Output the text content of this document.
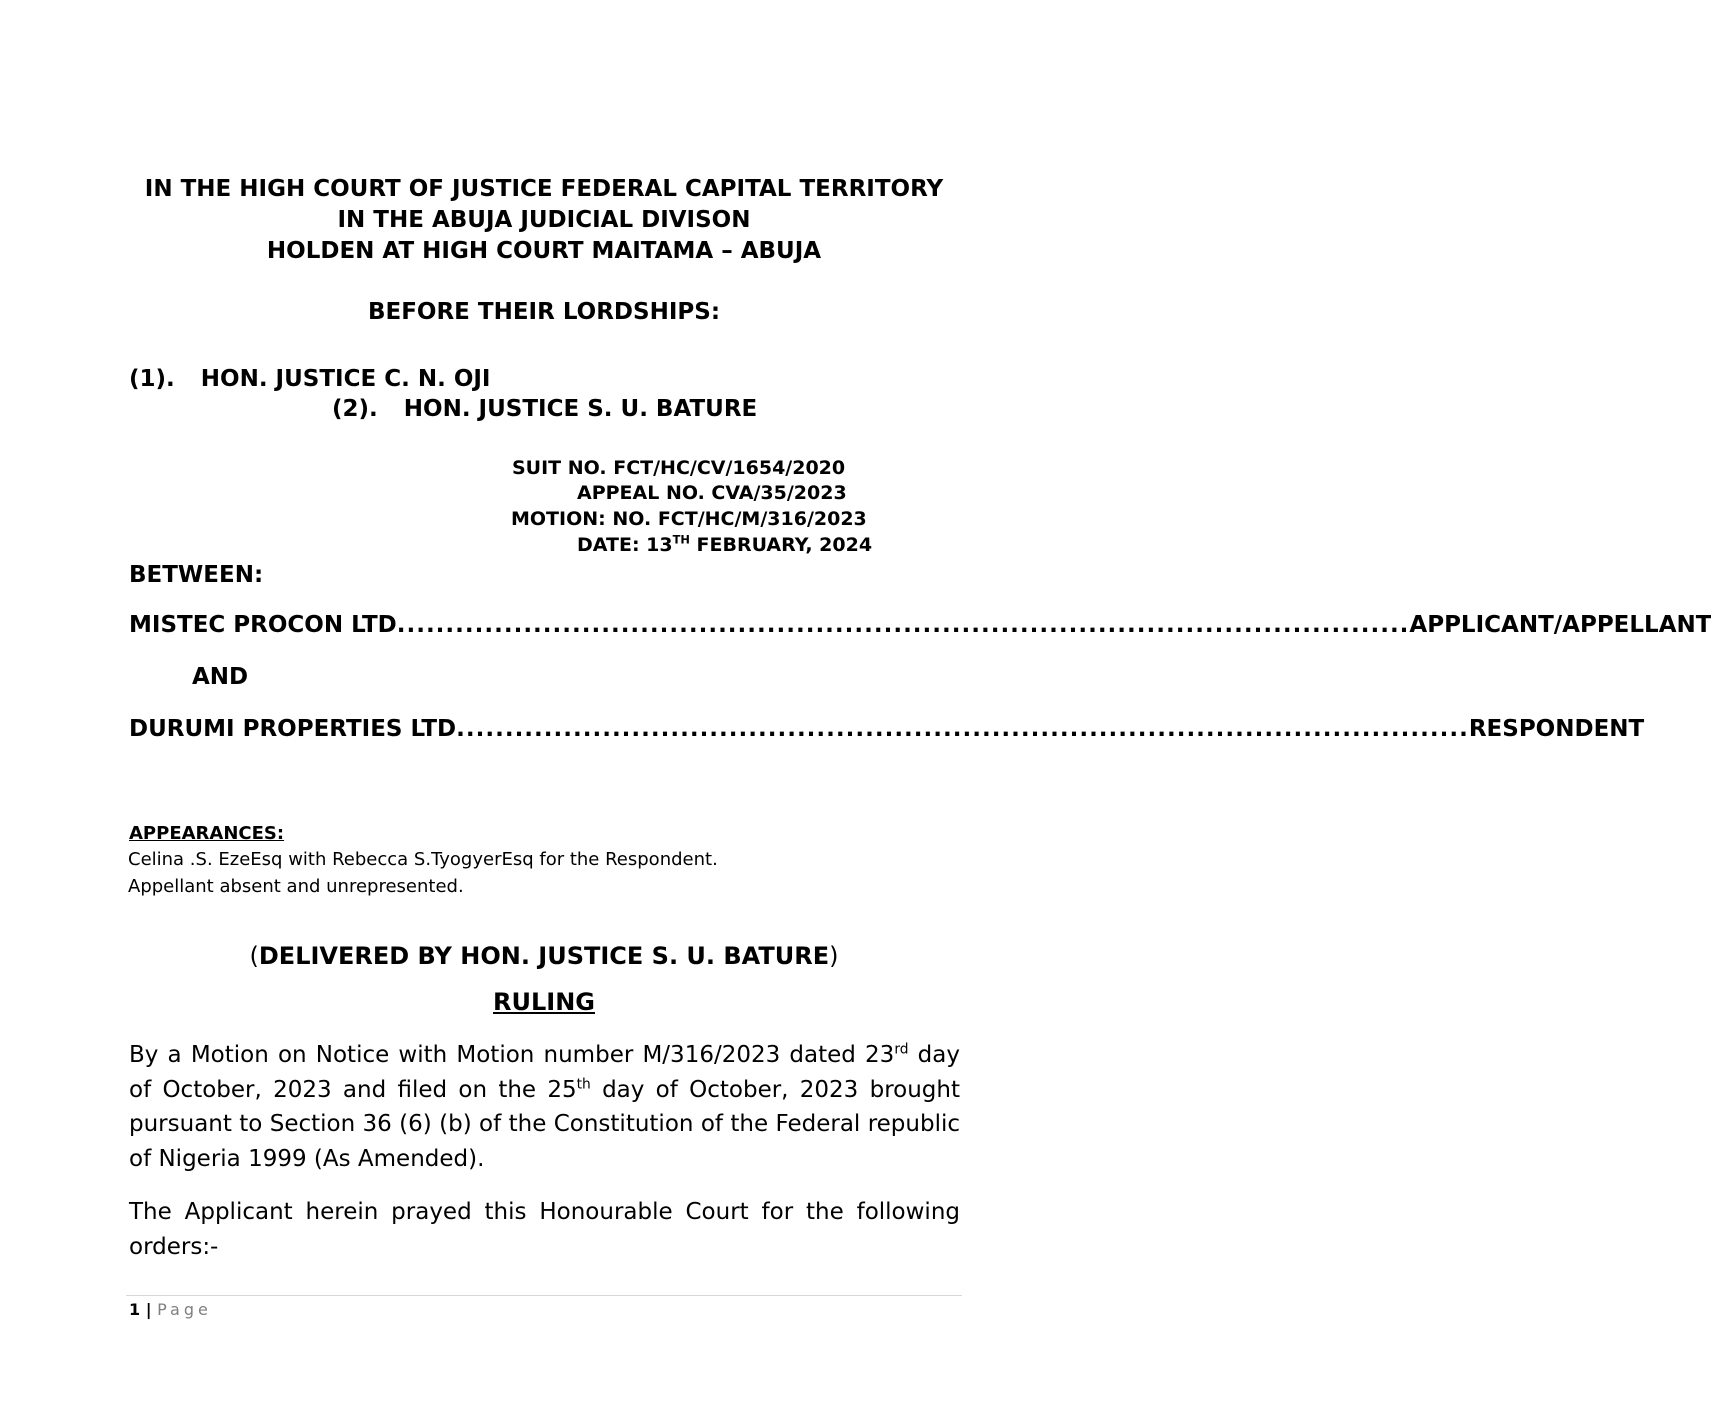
IN THE HIGH COURT OF JUSTICE FEDERAL CAPITAL TERRITORY
IN THE ABUJA JUDICIAL DIVISON
HOLDEN AT HIGH COURT MAITAMA – ABUJA
BEFORE THEIR LORDSHIPS:
(1). HON. JUSTICE C. N. OJI
(2). HON. JUSTICE S. U. BATURE
SUIT NO. FCT/HC/CV/1654/2020
APPEAL NO. CVA/35/2023
MOTION: NO. FCT/HC/M/316/2023
DATE: 13TH FEBRUARY, 2024
BETWEEN:
MISTEC PROCON LTD ........................................................................................................ APPLICANT/APPELLANT
AND
DURUMI PROPERTIES LTD ........................................................................................................ RESPONDENT
APPEARANCES:
Celina .S. EzeEsq with Rebecca S.TyogyerEsq for the Respondent.
Appellant absent and unrepresented.
(DELIVERED BY HON. JUSTICE S. U. BATURE)
RULING
By a Motion on Notice with Motion number M/316/2023 dated 23rd day of October, 2023 and filed on the 25th day of October, 2023 brought pursuant to Section 36 (6) (b) of the Constitution of the Federal republic of Nigeria 1999 (As Amended).
The Applicant herein prayed this Honourable Court for the following orders:-
1 | Page
